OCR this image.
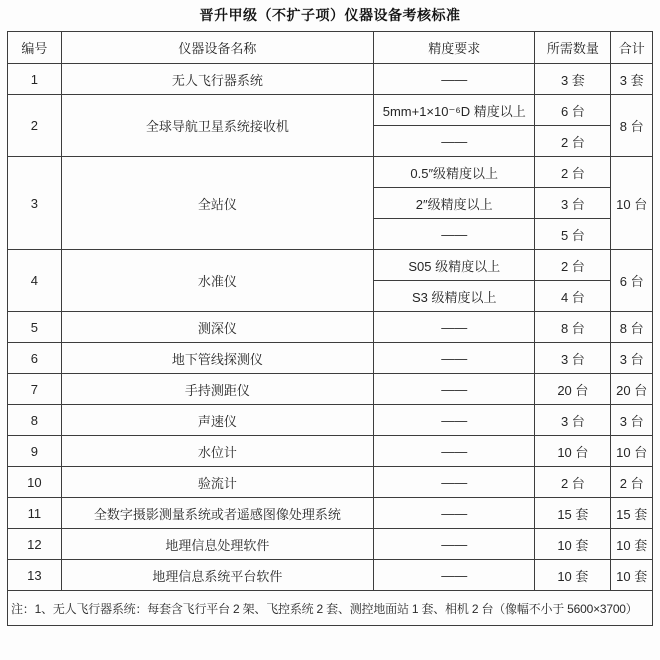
晋升甲级（不扩子项）仪器设备考核标准
编号	仪器设备名称	精度要求	所需数量	合计
1	无人飞行器系统	——	3 套	3 套
2	全球导航卫星系统接收机	5mm+1×10⁻⁶D 精度以上	6 台	8 台
		——	2 台	
3	全站仪	0.5″级精度以上	2 台	10 台
		2″级精度以上	3 台	
		——	5 台	
4	水准仪	S05 级精度以上	2 台	6 台
		S3 级精度以上	4 台	
5	测深仪	——	8 台	8 台
6	地下管线探测仪	——	3 台	3 台
7	手持测距仪	——	20 台	20 台
8	声速仪	——	3 台	3 台
9	水位计	——	10 台	10 台
10	验流计	——	2 台	2 台
11	全数字摄影测量系统或者遥感图像处理系统	——	15 套	15 套
12	地理信息处理软件	——	10 套	10 套
13	地理信息系统平台软件	——	10 套	10 套
注：1、无人飞行器系统：每套含飞行平台 2 架、飞控系统 2 套、测控地面站 1 套、相机 2 台（像幅不小于 5600×3700）				
